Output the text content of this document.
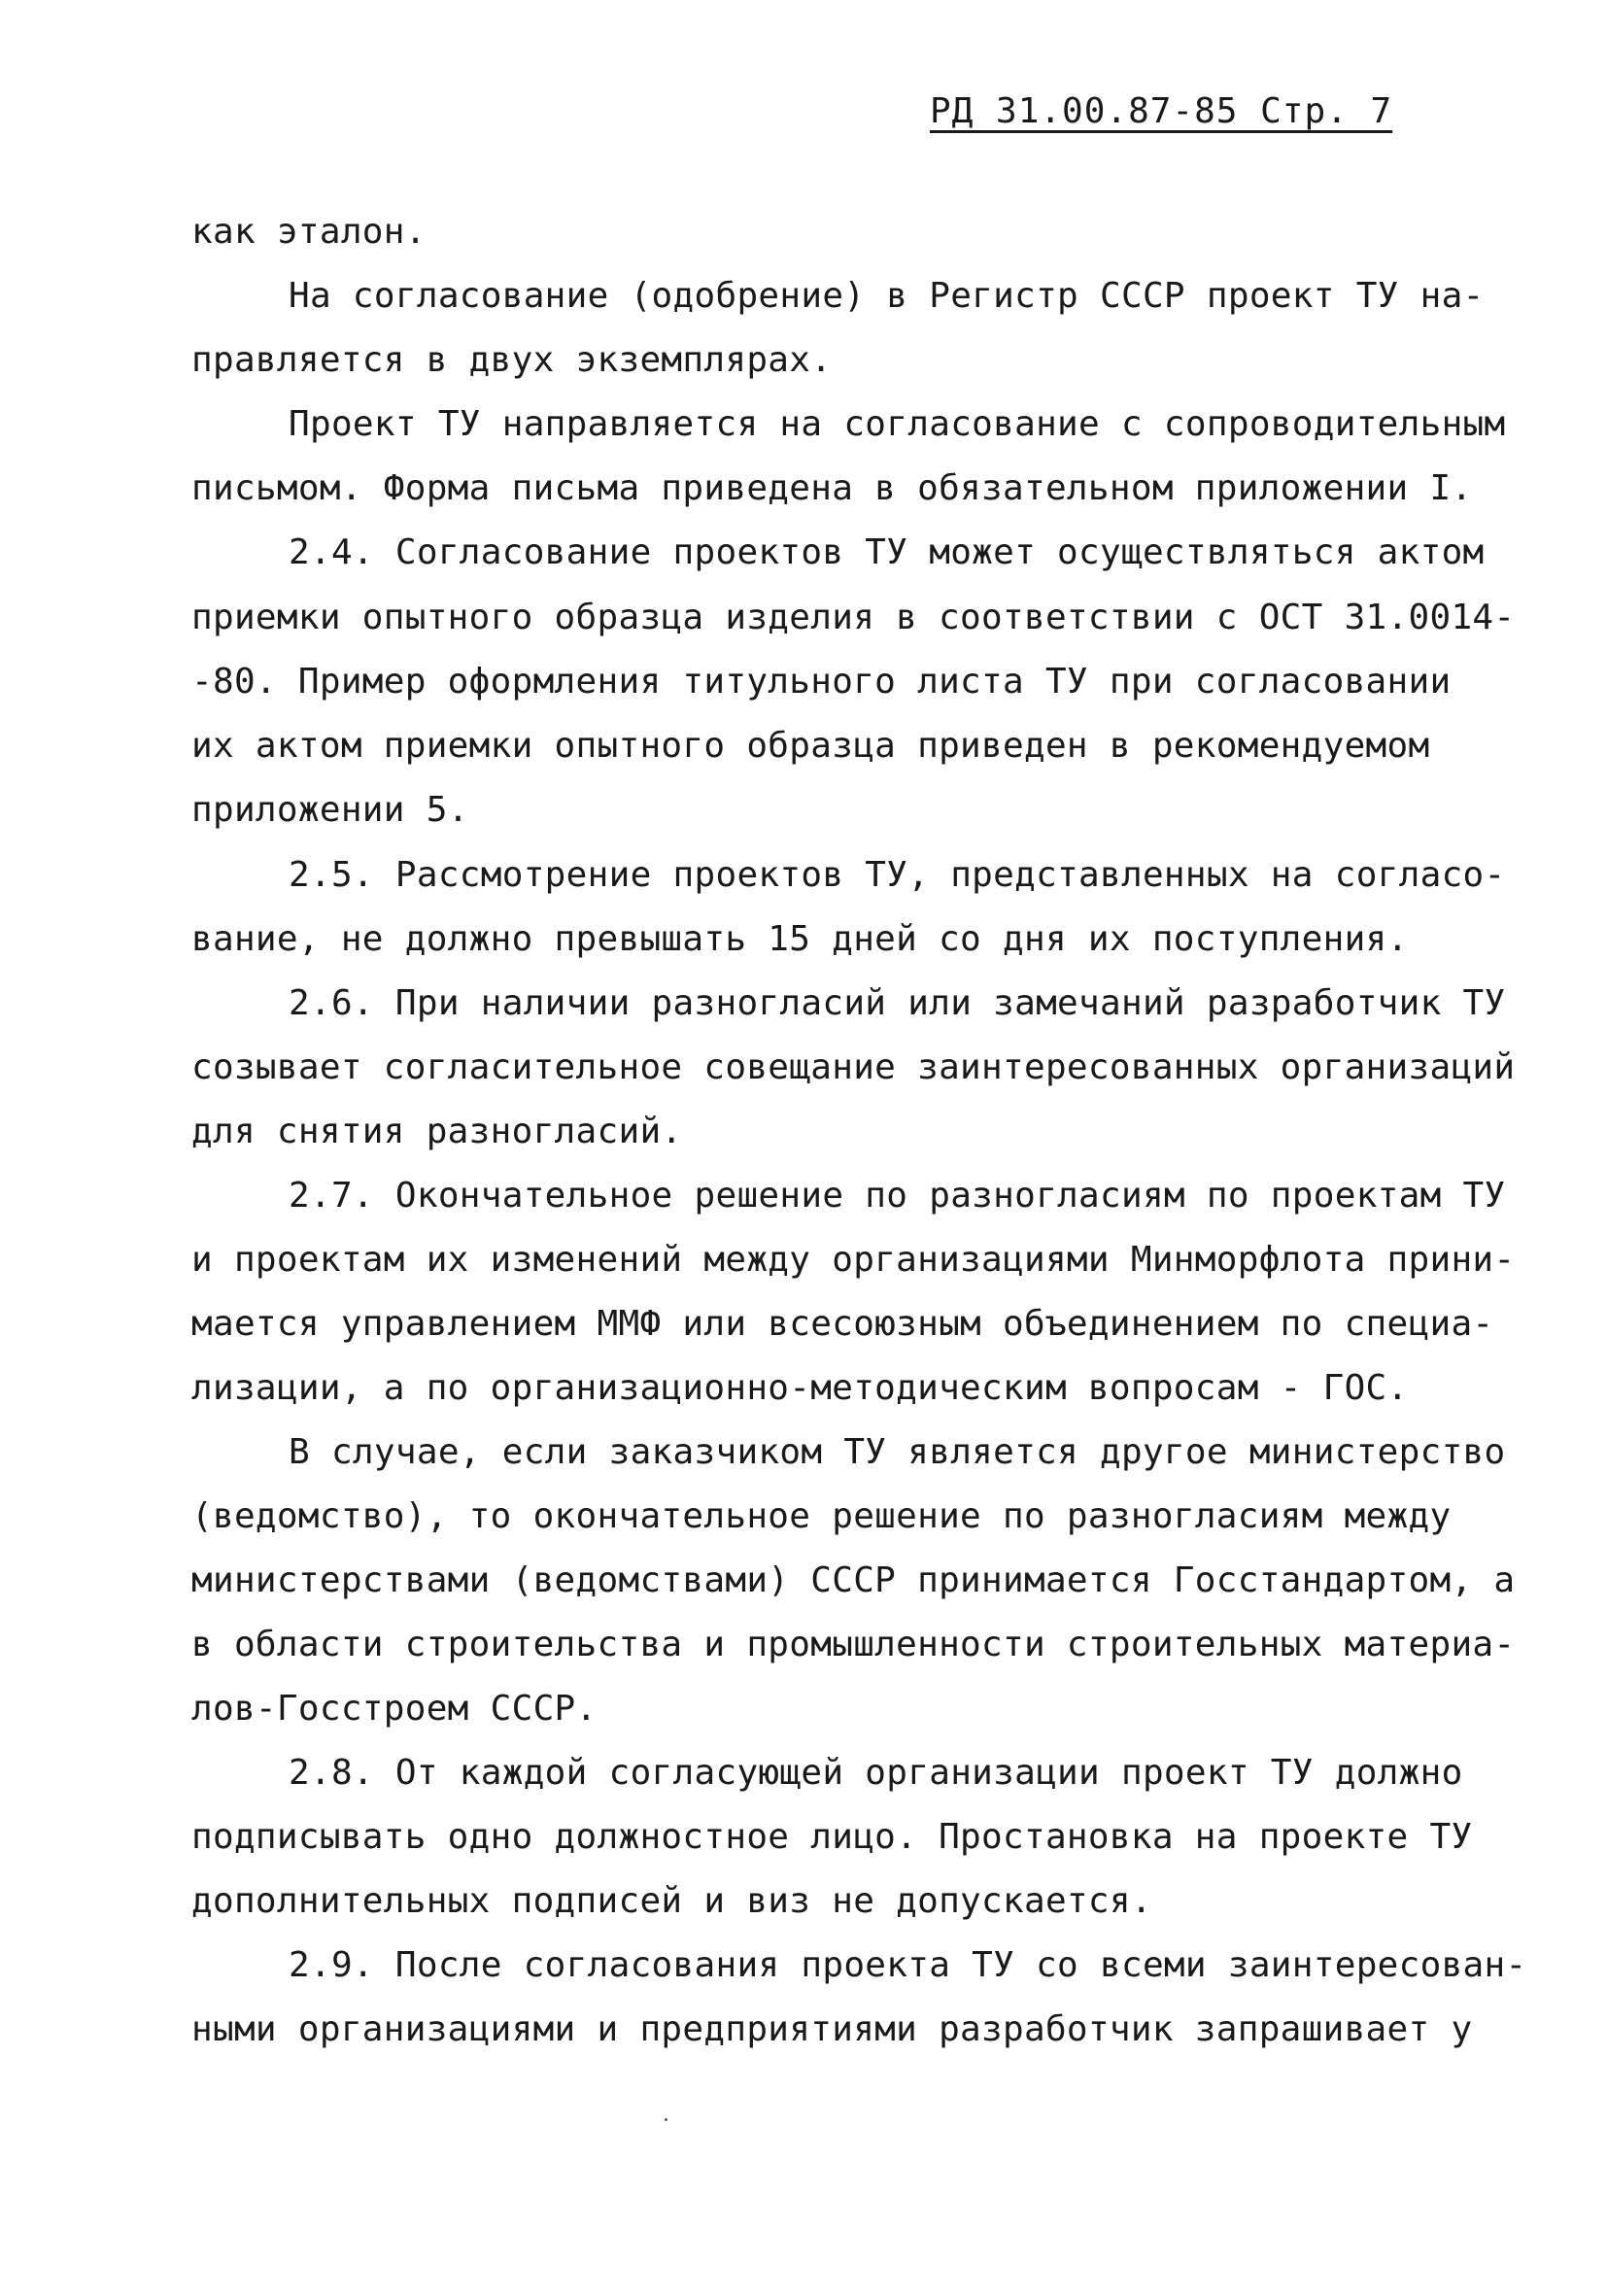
РД 31.00.87-85 Стр. 7
как эталон.
На согласование (одобрение) в Регистр СССР проект ТУ на-
правляется в двух экземплярах.
Проект ТУ направляется на согласование с сопроводительным
письмом. Форма письма приведена в обязательном приложении I.
2.4. Согласование проектов ТУ может осуществляться актом
приемки опытного образца изделия в соответствии с ОСТ 31.0014-
-80. Пример оформления титульного листа ТУ при согласовании
их актом приемки опытного образца приведен в рекомендуемом
приложении 5.
2.5. Рассмотрение проектов ТУ, представленных на согласо-
вание, не должно превышать 15 дней со дня их поступления.
2.6. При наличии разногласий или замечаний разработчик ТУ
созывает согласительное совещание заинтересованных организаций
для снятия разногласий.
2.7. Окончательное решение по разногласиям по проектам ТУ
и проектам их изменений между организациями Минморфлота прини-
мается управлением ММФ или всесоюзным объединением по специа-
лизации, а по организационно-методическим вопросам - ГОС.
В случае, если заказчиком ТУ является другое министерство
(ведомство), то окончательное решение по разногласиям между
министерствами (ведомствами) СССР принимается Госстандартом, а
в области строительства и промышленности строительных материа-
лов-Госстроем СССР.
2.8. От каждой согласующей организации проект ТУ должно
подписывать одно должностное лицо. Простановка на проекте ТУ
дополнительных подписей и виз не допускается.
2.9. После согласования проекта ТУ со всеми заинтересован-
ными организациями и предприятиями разработчик запрашивает у
